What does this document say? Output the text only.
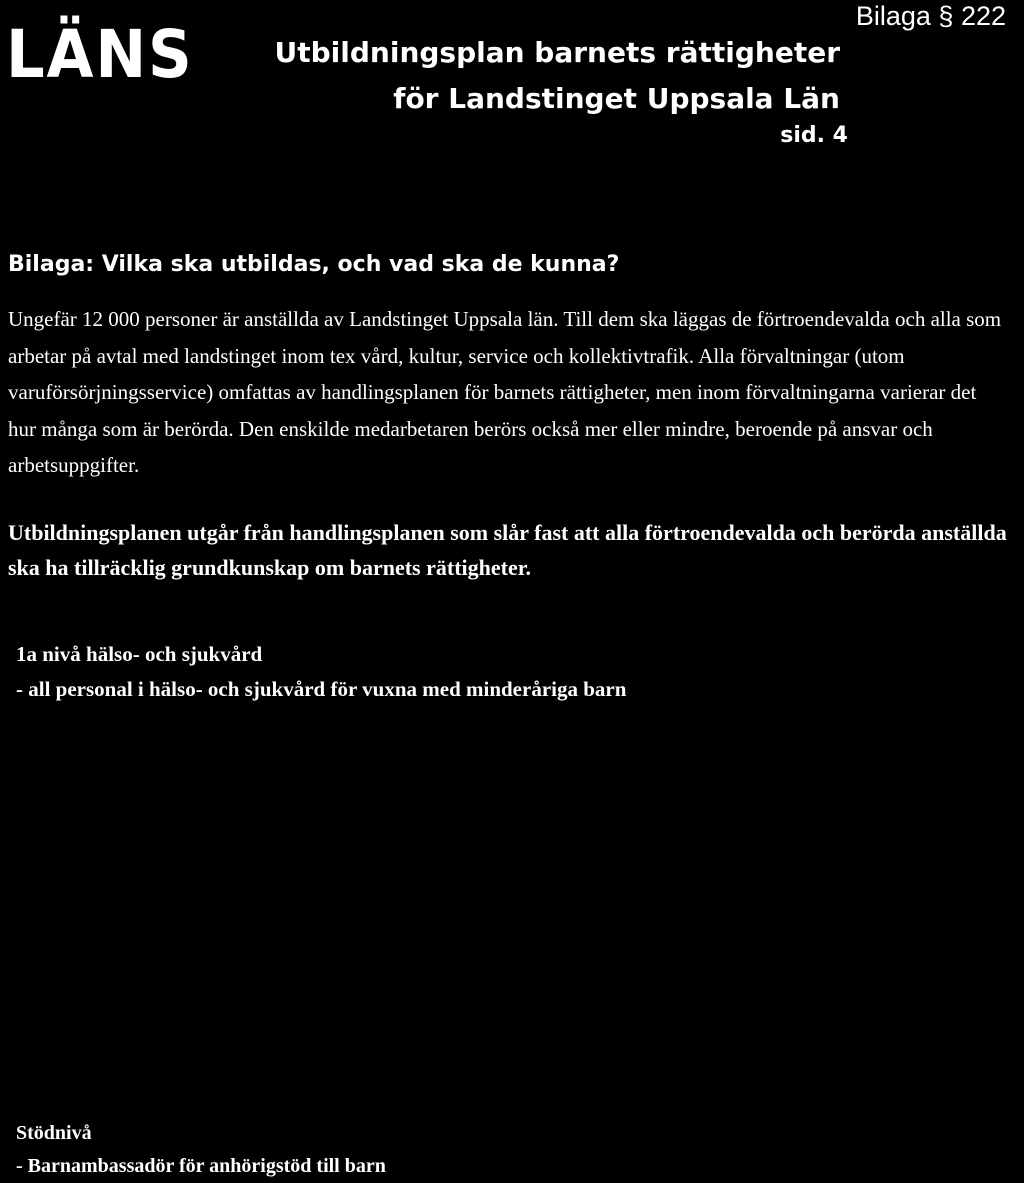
LÄNS	Bilaga § 222
Utbildningsplan barnets rättigheter
för Landstinget Uppsala Län
sid. 4
Bilaga: Vilka ska utbildas, och vad ska de kunna?

Ungefär 12 000 personer är anställda av Landstinget Uppsala län. Till dem ska läggas de förtroendevalda och alla som arbetar på avtal med landstinget inom tex vård, kultur, service och kollektivtrafik. Alla förvaltningar (utom varuförsörjningsservice) omfattas av handlingsplanen för barnets rättigheter, men inom förvaltningarna varierar det hur många som är berörda. Den enskilde medarbetaren berörs också mer eller mindre, beroende på ansvar och arbetsuppgifter.

Utbildningsplanen utgår från handlingsplanen som slår fast att alla förtroendevalda och berörda anställda ska ha tillräcklig grundkunskap om barnets rättigheter.

1a nivå hälso- och sjukvård
- all personal i hälso- och sjukvård för vuxna med minderåriga barn
Stödnivå
- Barnambassadör för anhörigstöd till barn
